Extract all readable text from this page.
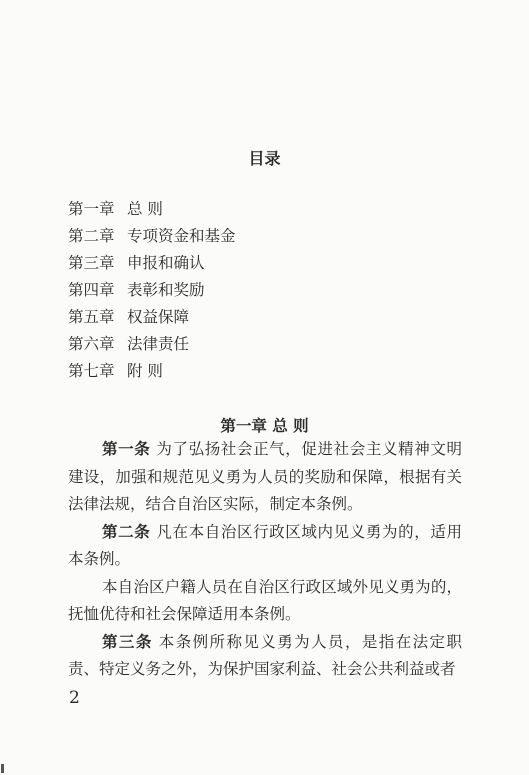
目录
第一章 总 则
第二章 专项资金和基金
第三章 申报和确认
第四章 表彰和奖励
第五章 权益保障
第六章 法律责任
第七章 附 则
第一章 总 则

第一条 为了弘扬社会正气，促进社会主义精神文明建设，加强和规范见义勇为人员的奖励和保障，根据有关法律法规，结合自治区实际，制定本条例。

第二条 凡在本自治区行政区域内见义勇为的，适用本条例。

本自治区户籍人员在自治区行政区域外见义勇为的，抚恤优待和社会保障适用本条例。

第三条 本条例所称见义勇为人员，是指在法定职责、特定义务之外，为保护国家利益、社会公共利益或者

2
